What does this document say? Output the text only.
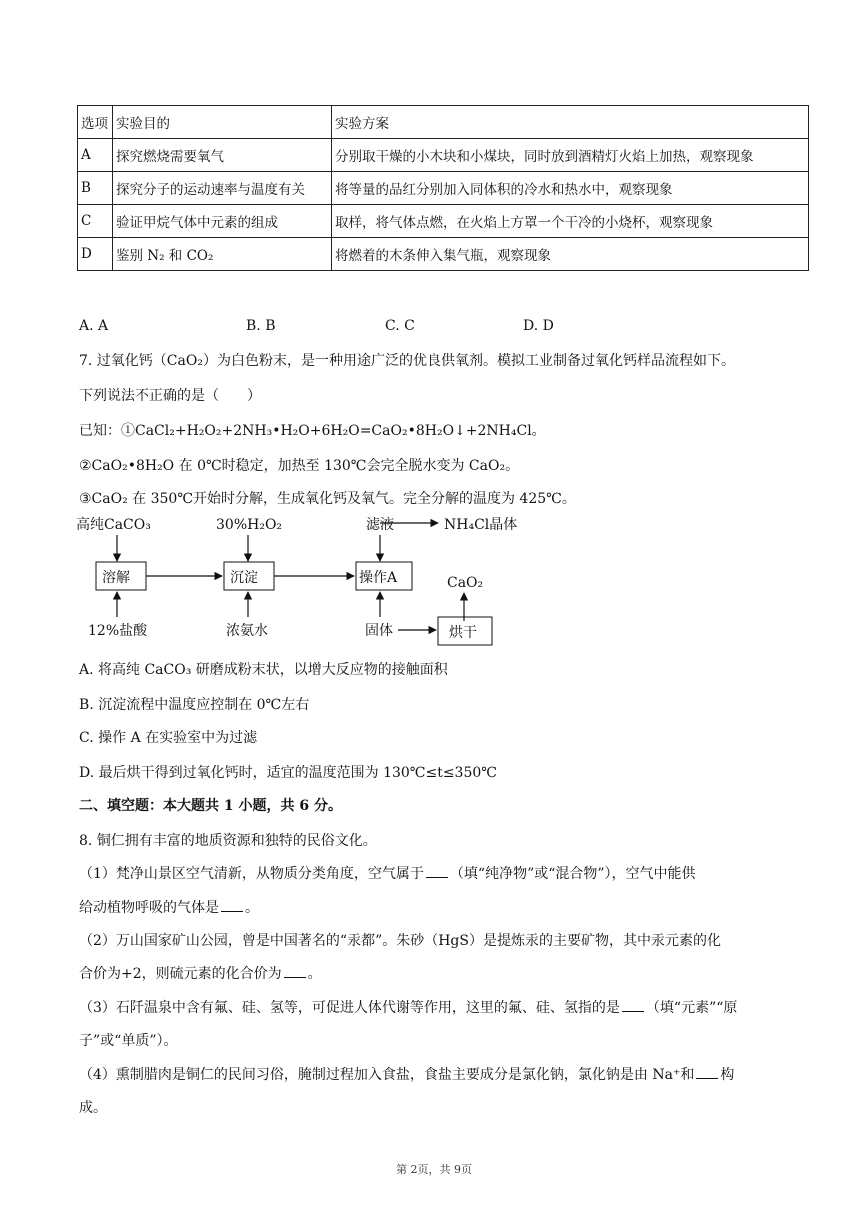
选项	实验目的	实验方案
A	探究燃烧需要氧气	分别取干燥的小木块和小煤块，同时放到酒精灯火焰上加热，观察现象
B	探究分子的运动速率与温度有关	将等量的品红分别加入同体积的冷水和热水中，观察现象
C	验证甲烷气体中元素的组成	取样，将气体点燃，在火焰上方罩一个干冷的小烧杯，观察现象
D	鉴别 N₂ 和 CO₂	将燃着的木条伸入集气瓶，观察现象
A. A	B. B	C. C	D. D
7. 过氧化钙（CaO₂）为白色粉末，是一种用途广泛的优良供氧剂。模拟工业制备过氧化钙样品流程如下。
下列说法不正确的是（　　）
已知：①CaCl₂+H₂O₂+2NH₃•H₂O+6H₂O=CaO₂•8H₂O↓+2NH₄Cl。
②CaO₂•8H₂O 在 0℃时稳定，加热至 130℃会完全脱水变为 CaO₂。
③CaO₂ 在 350℃开始时分解，生成氧化钙及氧气。完全分解的温度为 425℃。
高纯CaCO₃	30%H₂O₂	滤液	NH₄Cl晶体
溶解	沉淀	操作A	CaO₂
12%盐酸	浓氨水	固体	烘干
A. 将高纯 CaCO₃ 研磨成粉末状，以增大反应物的接触面积
B. 沉淀流程中温度应控制在 0℃左右
C. 操作 A 在实验室中为过滤
D. 最后烘干得到过氧化钙时，适宜的温度范围为 130℃≤t≤350℃
二、填空题：本大题共 1 小题，共 6 分。
8. 铜仁拥有丰富的地质资源和独特的民俗文化。
（1）梵净山景区空气清新，从物质分类角度，空气属于 （填“纯净物”或“混合物”），空气中能供
给动植物呼吸的气体是 。
（2）万山国家矿山公园，曾是中国著名的“汞都”。朱砂（HgS）是提炼汞的主要矿物，其中汞元素的化
合价为+2，则硫元素的化合价为 。
（3）石阡温泉中含有氟、硅、氢等，可促进人体代谢等作用，这里的氟、硅、氢指的是 （填“元素”“原
子”或“单质”）。
（4）熏制腊肉是铜仁的民间习俗，腌制过程加入食盐，食盐主要成分是氯化钠，氯化钠是由 Na⁺和 构
成。
第 2页，共 9页
